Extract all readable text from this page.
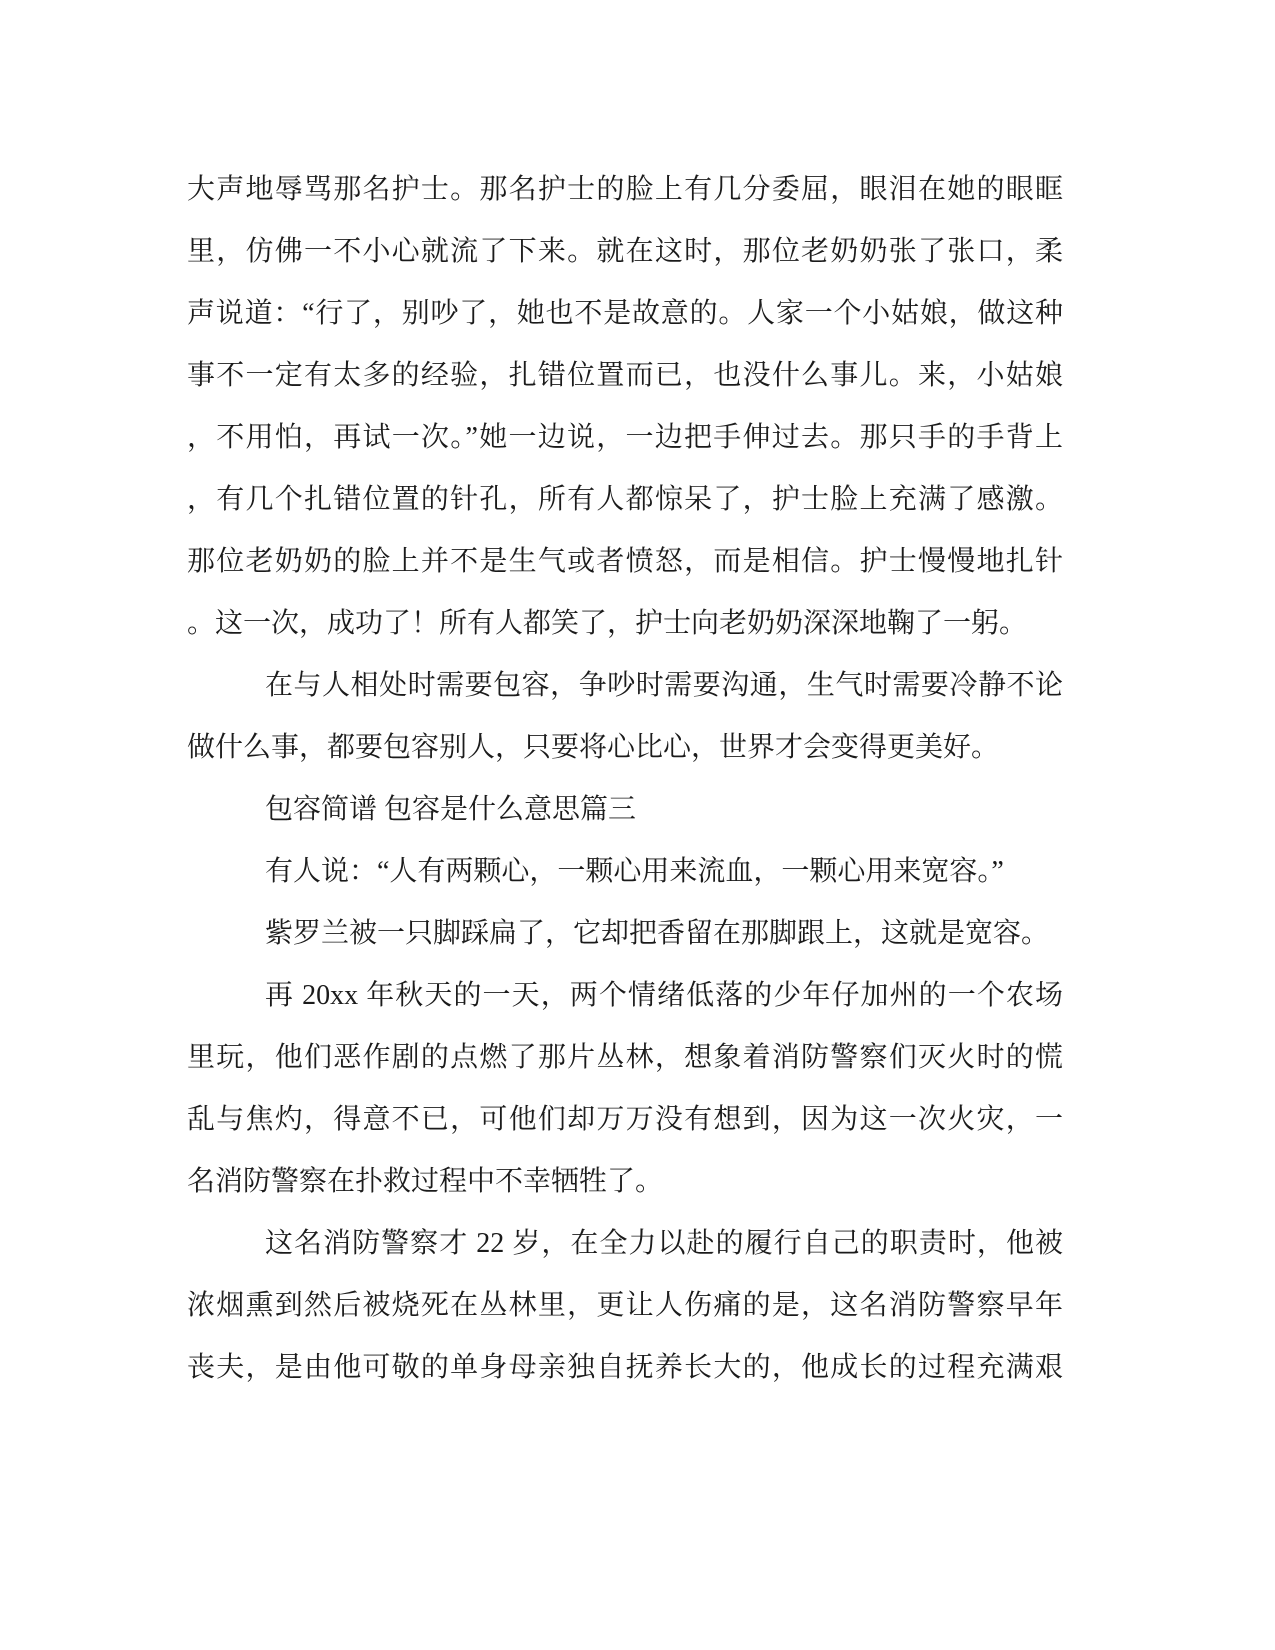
大声地辱骂那名护士。那名护士的脸上有几分委屈，眼泪在她的眼眶
里，仿佛一不小心就流了下来。就在这时，那位老奶奶张了张口，柔
声说道：“行了，别吵了，她也不是故意的。人家一个小姑娘，做这种
事不一定有太多的经验，扎错位置而已，也没什么事儿。来，小姑娘
，不用怕，再试一次。”她一边说，一边把手伸过去。那只手的手背上
，有几个扎错位置的针孔，所有人都惊呆了，护士脸上充满了感激。
那位老奶奶的脸上并不是生气或者愤怒，而是相信。护士慢慢地扎针
。这一次，成功了！所有人都笑了，护士向老奶奶深深地鞠了一躬。
在与人相处时需要包容，争吵时需要沟通，生气时需要冷静不论
做什么事，都要包容别人，只要将心比心，世界才会变得更美好。
包容简谱 包容是什么意思篇三
有人说：“人有两颗心，一颗心用来流血，一颗心用来宽容。”
紫罗兰被一只脚踩扁了，它却把香留在那脚跟上，这就是宽容。
再 20xx 年秋天的一天，两个情绪低落的少年仔加州的一个农场
里玩，他们恶作剧的点燃了那片丛林，想象着消防警察们灭火时的慌
乱与焦灼，得意不已，可他们却万万没有想到，因为这一次火灾，一
名消防警察在扑救过程中不幸牺牲了。
这名消防警察才 22 岁，在全力以赴的履行自己的职责时，他被
浓烟熏到然后被烧死在丛林里，更让人伤痛的是，这名消防警察早年
丧夫，是由他可敬的单身母亲独自抚养长大的，他成长的过程充满艰
